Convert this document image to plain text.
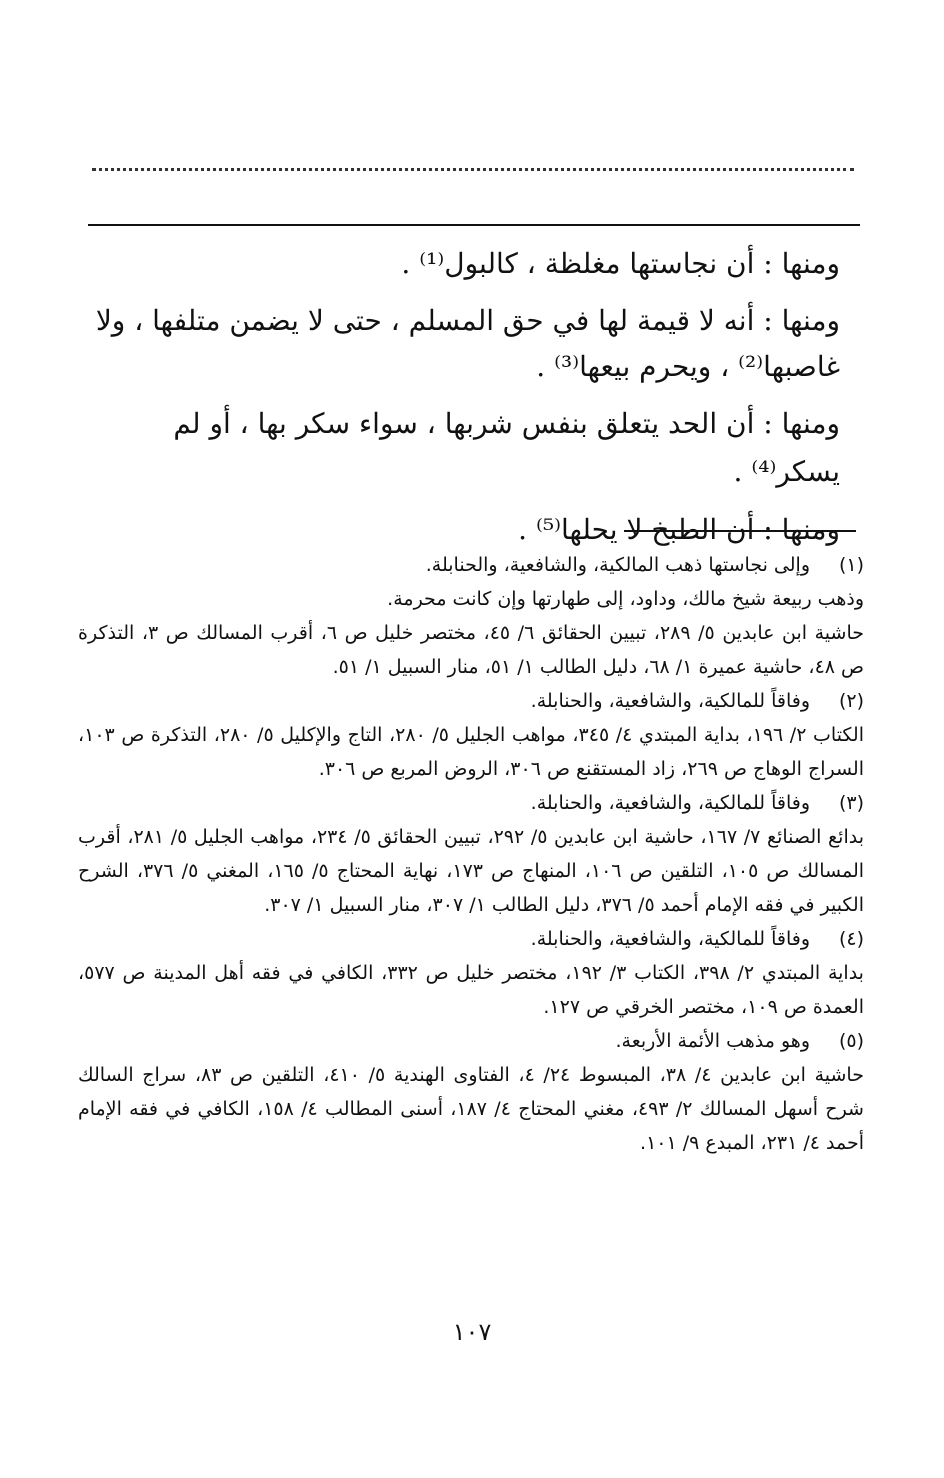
ومنها : أن نجاستها مغلظة ، كالبول⁽¹⁾ .

ومنها : أنه لا قيمة لها في حق المسلم ، حتى لا يضمن متلفها ، ولا غاصبها⁽²⁾ ، ويحرم بيعها⁽³⁾ .

ومنها : أن الحد يتعلق بنفس شربها ، سواء سكر بها ، أو لم يسكر⁽⁴⁾ .

ومنها : أن الطبخ لا يحلها⁽⁵⁾ .

(١)
وإلى نجاستها ذهب المالكية، والشافعية، والحنابلة.
وذهب ربيعة شيخ مالك، وداود، إلى طهارتها وإن كانت محرمة.
حاشية ابن عابدين ٥/ ٢٨٩، تبيين الحقائق ٦/ ٤٥، مختصر خليل ص ٦، أقرب المسالك ص ٣، التذكرة ص ٤٨، حاشية عميرة ١/ ٦٨، دليل الطالب ١/ ٥١، منار السبيل ١/ ٥١.
(٢)
وفاقاً للمالكية، والشافعية، والحنابلة.
الكتاب ٢/ ١٩٦، بداية المبتدي ٤/ ٣٤٥، مواهب الجليل ٥/ ٢٨٠، التاج والإكليل ٥/ ٢٨٠، التذكرة ص ١٠٣، السراج الوهاج ص ٢٦٩، زاد المستقنع ص ٣٠٦، الروض المربع ص ٣٠٦.
(٣)
وفاقاً للمالكية، والشافعية، والحنابلة.
بدائع الصنائع ٧/ ١٦٧، حاشية ابن عابدين ٥/ ٢٩٢، تبيين الحقائق ٥/ ٢٣٤، مواهب الجليل ٥/ ٢٨١، أقرب المسالك ص ١٠٥، التلقين ص ١٠٦، المنهاج ص ١٧٣، نهاية المحتاج ٥/ ١٦٥، المغني ٥/ ٣٧٦، الشرح الكبير في فقه الإمام أحمد ٥/ ٣٧٦، دليل الطالب ١/ ٣٠٧، منار السبيل ١/ ٣٠٧.
(٤)
وفاقاً للمالكية، والشافعية، والحنابلة.
بداية المبتدي ٢/ ٣٩٨، الكتاب ٣/ ١٩٢، مختصر خليل ص ٣٣٢، الكافي في فقه أهل المدينة ص ٥٧٧، العمدة ص ١٠٩، مختصر الخرقي ص ١٢٧.
(٥)
وهو مذهب الأئمة الأربعة.
حاشية ابن عابدين ٤/ ٣٨، المبسوط ٢٤/ ٤، الفتاوى الهندية ٥/ ٤١٠، التلقين ص ٨٣، سراج السالك شرح أسهل المسالك ٢/ ٤٩٣، مغني المحتاج ٤/ ١٨٧، أسنى المطالب ٤/ ١٥٨، الكافي في فقه الإمام أحمد ٤/ ٢٣١، المبدع ٩/ ١٠١.
١٠٧
